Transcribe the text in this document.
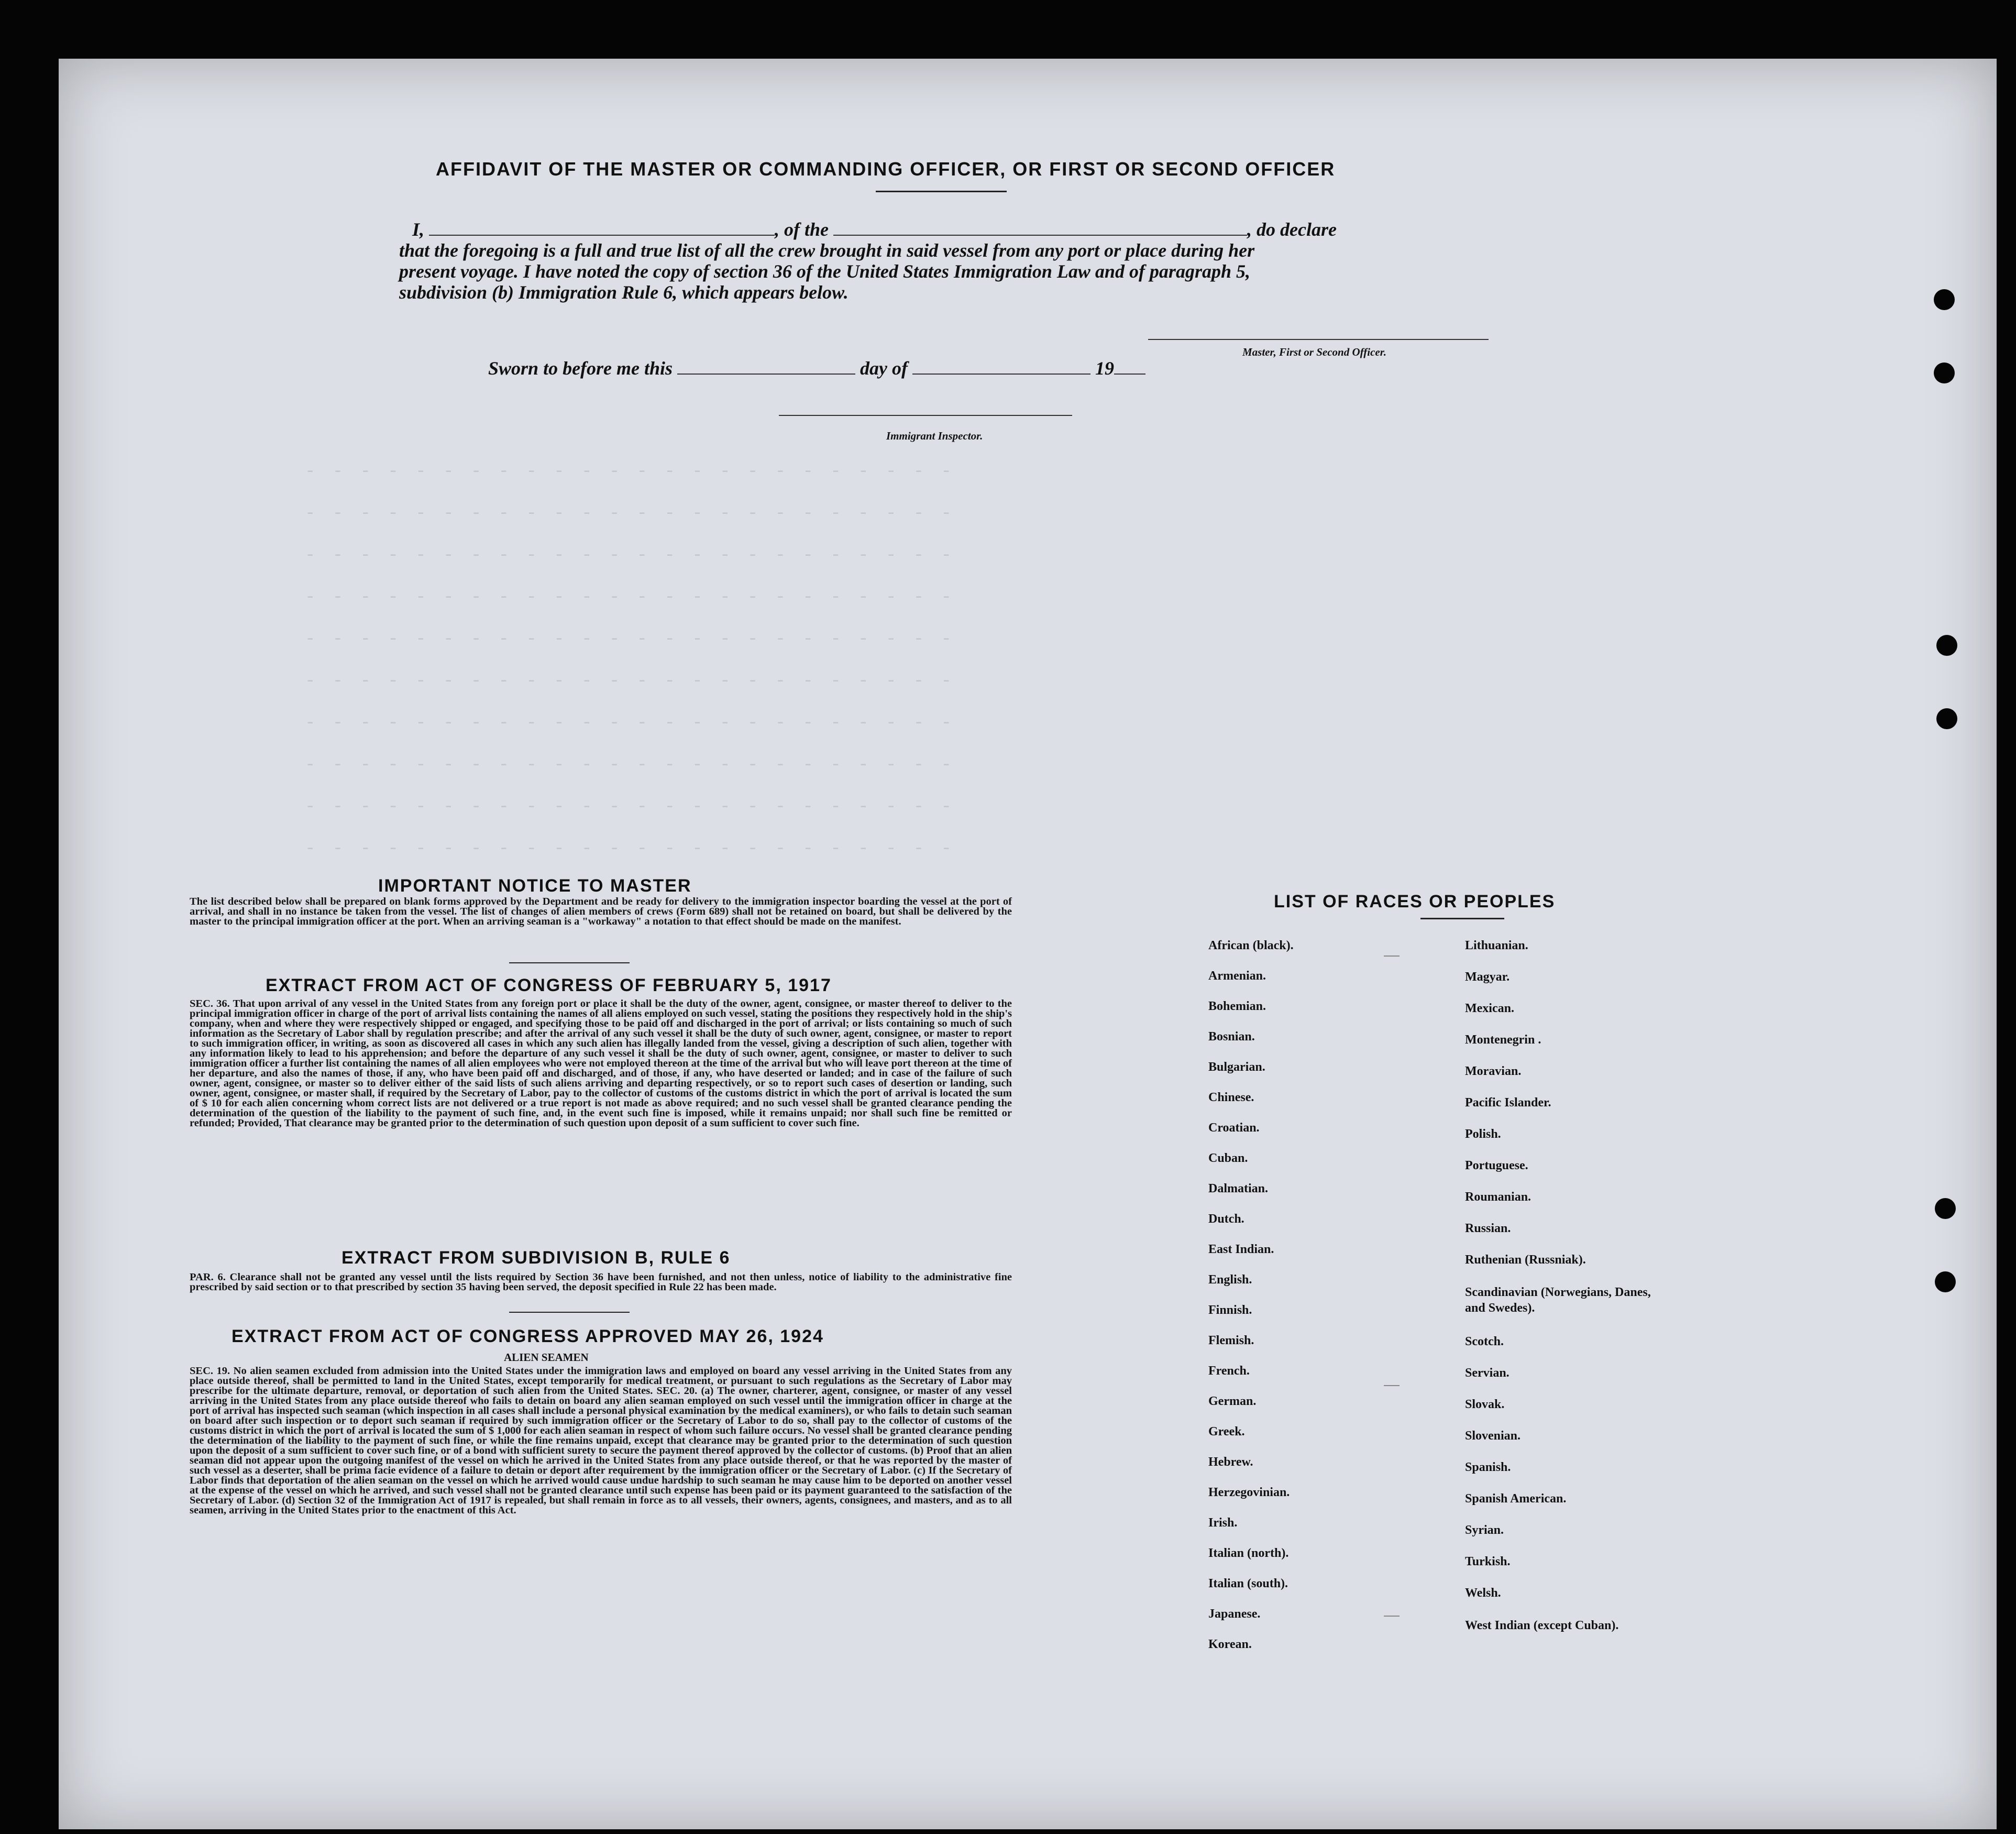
- - - - - - - - - - - - - - - - - - - - - - - -
- - - - - - - - - - - - - - - - - - - - - - - -
- - - - - - - - - - - - - - - - - - - - - - - -
- - - - - - - - - - - - - - - - - - - - - - - -
- - - - - - - - - - - - - - - - - - - - - - - -
- - - - - - - - - - - - - - - - - - - - - - - -
- - - - - - - - - - - - - - - - - - - - - - - -
- - - - - - - - - - - - - - - - - - - - - - - -
- - - - - - - - - - - - - - - - - - - - - - - -
- - - - - - - - - - - - - - - - - - - - - - - -
AFFIDAVIT OF THE MASTER OR COMMANDING OFFICER, OR FIRST OR SECOND OFFICER
I,	, of the	, do declare
that the foregoing is a full and true list of all the crew brought in said vessel from any port or place during her
present voyage. I have noted the copy of section 36 of the United States Immigration Law and of paragraph 5,
subdivision (b) Immigration Rule 6, which appears below.
Master, First or Second Officer.
Sworn to before me this	day of	19
Immigrant Inspector.
IMPORTANT NOTICE TO MASTER
The list described below shall be prepared on blank forms approved by the Department and be ready for delivery to the immigration inspector boarding the vessel at the port of arrival, and shall in no instance be taken from the vessel. The list of changes of alien members of crews (Form 689) shall not be retained on board, but shall be delivered by the master to the principal immigration officer at the port. When an arriving seaman is a "workaway" a notation to that effect should be made on the manifest.
EXTRACT FROM ACT OF CONGRESS OF FEBRUARY 5, 1917
SEC. 36. That upon arrival of any vessel in the United States from any foreign port or place it shall be the duty of the owner, agent, consignee, or master thereof to deliver to the principal immigration officer in charge of the port of arrival lists containing the names of all aliens employed on such vessel, stating the positions they respectively hold in the ship's company, when and where they were respectively shipped or engaged, and specifying those to be paid off and discharged in the port of arrival; or lists containing so much of such information as the Secretary of Labor shall by regulation prescribe; and after the arrival of any such vessel it shall be the duty of such owner, agent, consignee, or master to report to such immigration officer, in writing, as soon as discovered all cases in which any such alien has illegally landed from the vessel, giving a description of such alien, together with any information likely to lead to his apprehension; and before the departure of any such vessel it shall be the duty of such owner, agent, consignee, or master to deliver to such immigration officer a further list containing the names of all alien employees who were not employed thereon at the time of the arrival but who will leave port thereon at the time of her departure, and also the names of those, if any, who have been paid off and discharged, and of those, if any, who have deserted or landed; and in case of the failure of such owner, agent, consignee, or master so to deliver either of the said lists of such aliens arriving and departing respectively, or so to report such cases of desertion or landing, such owner, agent, consignee, or master shall, if required by the Secretary of Labor, pay to the collector of customs of the customs district in which the port of arrival is located the sum of $ 10 for each alien concerning whom correct lists are not delivered or a true report is not made as above required; and no such vessel shall be granted clearance pending the determination of the question of the liability to the payment of such fine, and, in the event such fine is imposed, while it remains unpaid; nor shall such fine be remitted or refunded; Provided, That clearance may be granted prior to the determination of such question upon deposit of a sum sufficient to cover such fine.
EXTRACT FROM SUBDIVISION B, RULE 6
PAR. 6. Clearance shall not be granted any vessel until the lists required by Section 36 have been furnished, and not then unless, notice of liability to the administrative fine prescribed by said section or to that prescribed by section 35 having been served, the deposit specified in Rule 22 has been made.
EXTRACT FROM ACT OF CONGRESS APPROVED MAY 26, 1924
ALIEN SEAMEN
SEC. 19. No alien seamen excluded from admission into the United States under the immigration laws and employed on board any vessel arriving in the United States from any place outside thereof, shall be permitted to land in the United States, except temporarily for medical treatment, or pursuant to such regulations as the Secretary of Labor may prescribe for the ultimate departure, removal, or deportation of such alien from the United States. SEC. 20. (a) The owner, charterer, agent, consignee, or master of any vessel arriving in the United States from any place outside thereof who fails to detain on board any alien seaman employed on such vessel until the immigration officer in charge at the port of arrival has inspected such seaman (which inspection in all cases shall include a personal physical examination by the medical examiners), or who fails to detain such seaman on board after such inspection or to deport such seaman if required by such immigration officer or the Secretary of Labor to do so, shall pay to the collector of customs of the customs district in which the port of arrival is located the sum of $ 1,000 for each alien seaman in respect of whom such failure occurs. No vessel shall be granted clearance pending the determination of the liability to the payment of such fine, or while the fine remains unpaid, except that clearance may be granted prior to the determination of such question upon the deposit of a sum sufficient to cover such fine, or of a bond with sufficient surety to secure the payment thereof approved by the collector of customs. (b) Proof that an alien seaman did not appear upon the outgoing manifest of the vessel on which he arrived in the United States from any place outside thereof, or that he was reported by the master of such vessel as a deserter, shall be prima facie evidence of a failure to detain or deport after requirement by the immigration officer or the Secretary of Labor. (c) If the Secretary of Labor finds that deportation of the alien seaman on the vessel on which he arrived would cause undue hardship to such seaman he may cause him to be deported on another vessel at the expense of the vessel on which he arrived, and such vessel shall not be granted clearance until such expense has been paid or its payment guaranteed to the satisfaction of the Secretary of Labor. (d) Section 32 of the Immigration Act of 1917 is repealed, but shall remain in force as to all vessels, their owners, agents, consignees, and masters, and as to all seamen, arriving in the United States prior to the enactment of this Act.
LIST OF RACES OR PEOPLES
African (black).
Armenian.
Bohemian.
Bosnian.
Bulgarian.
Chinese.
Croatian.
Cuban.
Dalmatian.
Dutch.
East Indian.
English.
Finnish.
Flemish.
French.
German.
Greek.
Hebrew.
Herzegovinian.
Irish.
Italian (north).
Italian (south).
Japanese.
Korean.
Lithuanian.
Magyar.
Mexican.
Montenegrin .
Moravian.
Pacific Islander.
Polish.
Portuguese.
Roumanian.
Russian.
Ruthenian (Russniak).
Scandinavian (Norwegians, Danes, and Swedes).
Scotch.
Servian.
Slovak.
Slovenian.
Spanish.
Spanish American.
Syrian.
Turkish.
Welsh.
West Indian (except Cuban).
